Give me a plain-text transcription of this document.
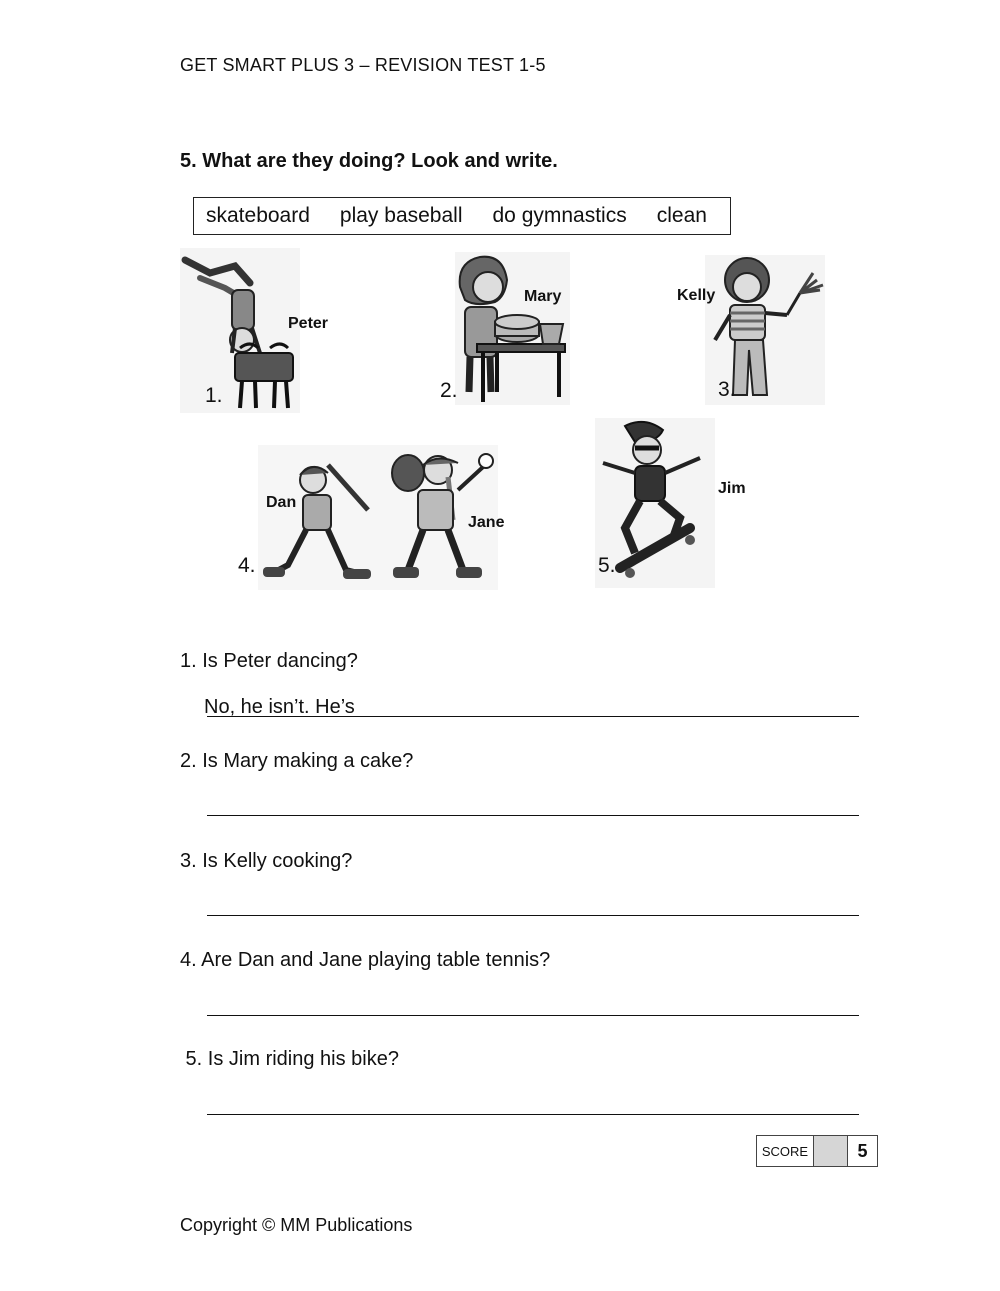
GET SMART PLUS 3 – REVISION TEST 1-5
5. What are they doing? Look and write.
skateboard play baseball do gymnastics clean
1.
Peter
2.
Mary
3.
Kelly
4.
Dan
Jane
5.
Jim
1. Is Peter dancing?
No, he isn’t. He’s
2. Is Mary making a cake?
3. Is Kelly cooking?
4. Are Dan and Jane playing table tennis?
5. Is Jim riding his bike?
SCORE	5
Copyright © MM Publications
